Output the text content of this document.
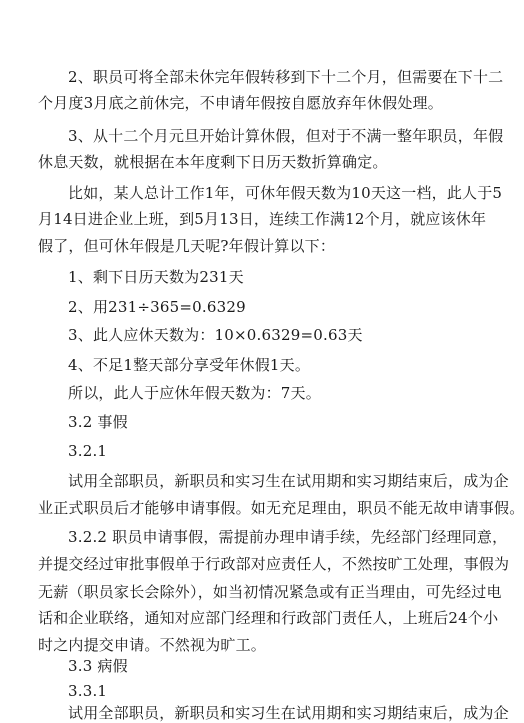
2、职员可将全部未休完年假转移到下十二个月，但需要在下十二
个月度3月底之前休完，不申请年假按自愿放弃年休假处理。
3、从十二个月元旦开始计算休假，但对于不满一整年职员，年假
休息天数，就根据在本年度剩下日历天数折算确定。
比如，某人总计工作1年，可休年假天数为10天这一档，此人于5
月14日进企业上班，到5月13日，连续工作满12个月，就应该休年
假了，但可休年假是几天呢?年假计算以下：
1、剩下日历天数为231天
2、用231÷365=0.6329
3、此人应休天数为：10×0.6329=0.63天
4、不足1整天部分享受年休假1天。
所以，此人于应休年假天数为：7天。
3.2 事假
3.2.1
试用全部职员，新职员和实习生在试用期和实习期结束后，成为企
业正式职员后才能够申请事假。如无充足理由，职员不能无故申请事假。
3.2.2 职员申请事假，需提前办理申请手续，先经部门经理同意，
并提交经过审批事假单于行政部对应责任人，不然按旷工处理，事假为
无薪（职员家长会除外），如当初情况紧急或有正当理由，可先经过电
话和企业联络，通知对应部门经理和行政部门责任人，上班后24个小
时之内提交申请。不然视为旷工。
3.3 病假
3.3.1
试用全部职员，新职员和实习生在试用期和实习期结束后，成为企
